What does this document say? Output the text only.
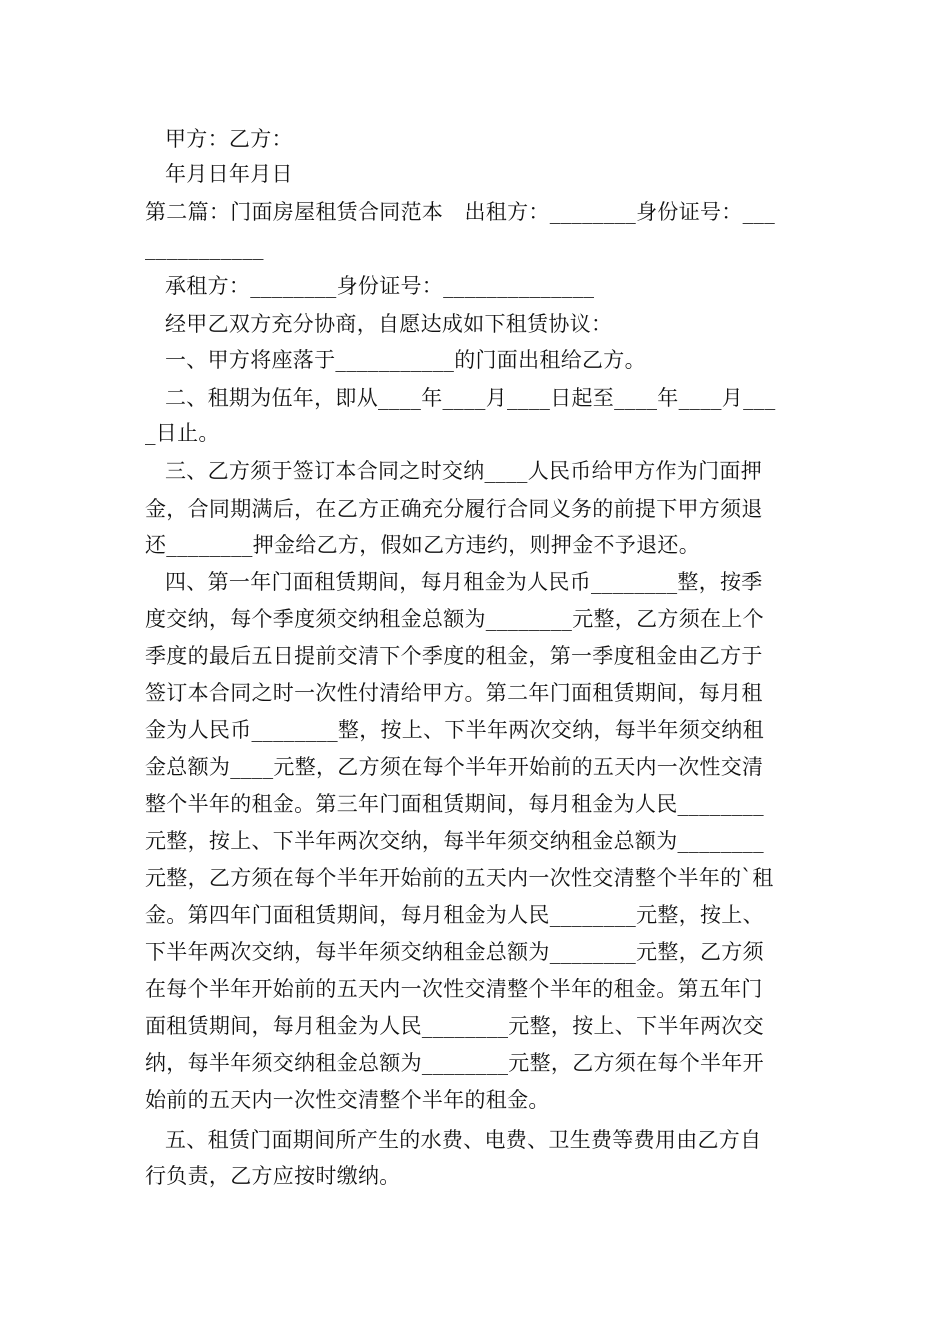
甲方：乙方：
年月日年月日
第二篇：门面房屋租赁合同范本　出租方：________身份证号：___
___________
承租方：________身份证号：______________
经甲乙双方充分协商，自愿达成如下租赁协议：
一、甲方将座落于___________的门面出租给乙方。
二、租期为伍年，即从____年____月____日起至____年____月___
_日止。
三、乙方须于签订本合同之时交纳____人民币给甲方作为门面押
金，合同期满后，在乙方正确充分履行合同义务的前提下甲方须退
还________押金给乙方，假如乙方违约，则押金不予退还。
四、第一年门面租赁期间，每月租金为人民币________整，按季
度交纳，每个季度须交纳租金总额为________元整，乙方须在上个
季度的最后五日提前交清下个季度的租金，第一季度租金由乙方于
签订本合同之时一次性付清给甲方。第二年门面租赁期间，每月租
金为人民币________整，按上、下半年两次交纳，每半年须交纳租
金总额为____元整，乙方须在每个半年开始前的五天内一次性交清
整个半年的租金。第三年门面租赁期间，每月租金为人民________
元整，按上、下半年两次交纳，每半年须交纳租金总额为________
元整，乙方须在每个半年开始前的五天内一次性交清整个半年的`租
金。第四年门面租赁期间，每月租金为人民________元整，按上、
下半年两次交纳，每半年须交纳租金总额为________元整，乙方须
在每个半年开始前的五天内一次性交清整个半年的租金。第五年门
面租赁期间，每月租金为人民________元整，按上、下半年两次交
纳，每半年须交纳租金总额为________元整，乙方须在每个半年开
始前的五天内一次性交清整个半年的租金。
五、租赁门面期间所产生的水费、电费、卫生费等费用由乙方自
行负责，乙方应按时缴纳。
